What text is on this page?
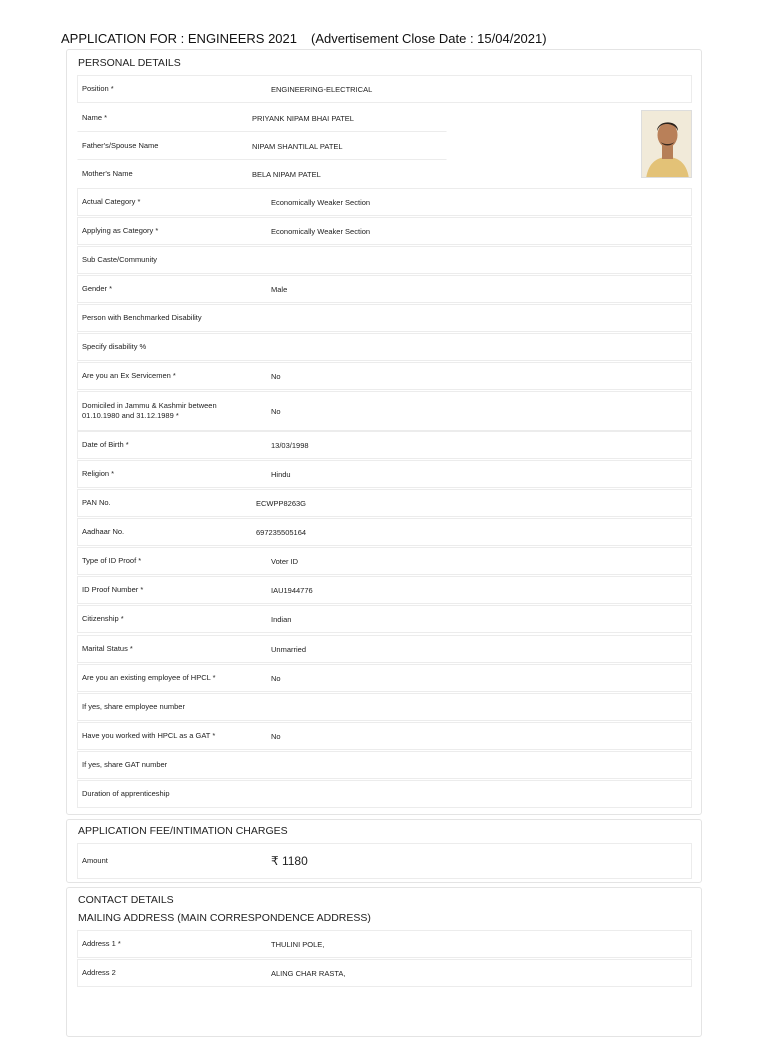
APPLICATION FOR : ENGINEERS 2021 (Advertisement Close Date : 15/04/2021)
PERSONAL DETAILS
Position *	ENGINEERING-ELECTRICAL
Name *	PRIYANK NIPAM BHAI PATEL
Father's/Spouse Name	NIPAM SHANTILAL PATEL
Mother's Name	BELA NIPAM PATEL
Actual Category *	Economically Weaker Section
Applying as Category *	Economically Weaker Section
Sub Caste/Community
Gender *	Male
Person with Benchmarked Disability
Specify disability %
Are you an Ex Servicemen *	No
Domiciled in Jammu & Kashmir between 01.10.1980 and 31.12.1989 *	No
Date of Birth *	13/03/1998
Religion *	Hindu
PAN No.	ECWPP8263G
Aadhaar No.	697235505164
Type of ID Proof *	Voter ID
ID Proof Number *	IAU1944776
Citizenship *	Indian
Marital Status *	Unmarried
Are you an existing employee of HPCL *	No
If yes, share employee number
Have you worked with HPCL as a GAT *	No
If yes, share GAT number
Duration of apprenticeship
APPLICATION FEE/INTIMATION CHARGES
Amount	₹ 1180
CONTACT DETAILS
MAILING ADDRESS (MAIN CORRESPONDENCE ADDRESS)
Address 1 *	THULINI POLE,
Address 2	ALING CHAR RASTA,
